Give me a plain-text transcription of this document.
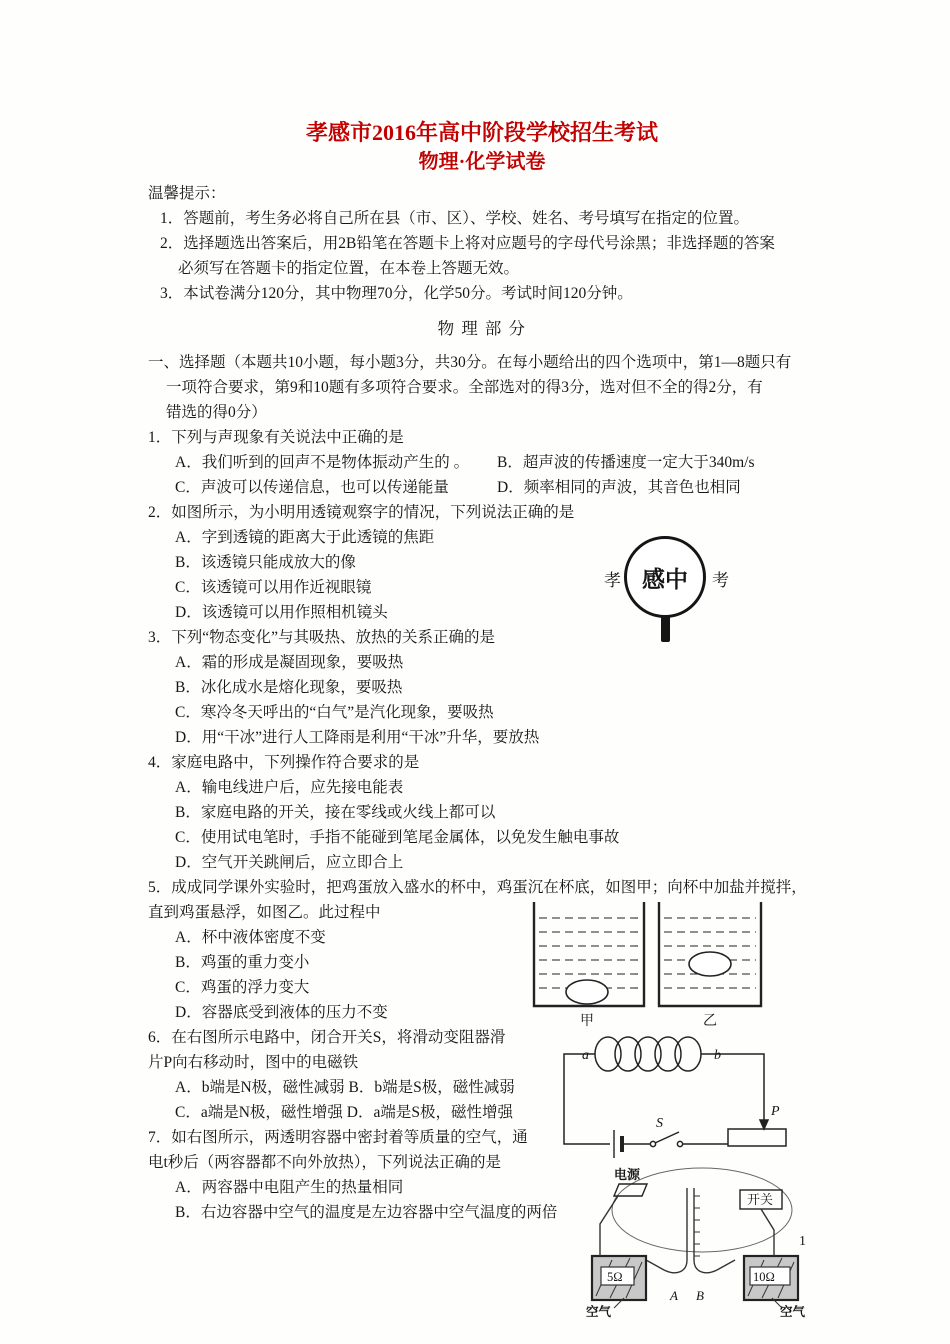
孝感市2016年高中阶段学校招生考试
物理·化学试卷
温馨提示：
1．答题前，考生务必将自己所在县（市、区）、学校、姓名、考号填写在指定的位置。
2．选择题选出答案后，用2B铅笔在答题卡上将对应题号的字母代号涂黑；非选择题的答案
必须写在答题卡的指定位置，在本卷上答题无效。
3．本试卷满分120分，其中物理70分，化学50分。考试时间120分钟。
物 理 部 分
一、选择题（本题共10小题，每小题3分，共30分。在每小题给出的四个选项中，第1—8题只有
一项符合要求，第9和10题有多项符合要求。全部选对的得3分，选对但不全的得2分，有
错选的得0分）
1．下列与声现象有关说法中正确的是
A．我们听到的回声不是物体振动产生的 。	B．超声波的传播速度一定大于340m/s
C．声波可以传递信息，也可以传递能量	D．频率相同的声波，其音色也相同
2．如图所示，为小明用透镜观察字的情况，下列说法正确的是
A．字到透镜的距离大于此透镜的焦距
B．该透镜只能成放大的像
C．该透镜可以用作近视眼镜
D．该透镜可以用作照相机镜头
3．下列“物态变化”与其吸热、放热的关系正确的是
A．霜的形成是凝固现象，要吸热
B．冰化成水是熔化现象，要吸热
C．寒冷冬天呼出的“白气”是汽化现象，要吸热
D．用“干冰”进行人工降雨是利用“干冰”升华，要放热
4．家庭电路中，下列操作符合要求的是
A．输电线进户后，应先接电能表
B．家庭电路的开关，接在零线或火线上都可以
C．使用试电笔时，手指不能碰到笔尾金属体，以免发生触电事故
D．空气开关跳闸后，应立即合上
5．成成同学课外实验时，把鸡蛋放入盛水的杯中，鸡蛋沉在杯底，如图甲；向杯中加盐并搅拌，
直到鸡蛋悬浮，如图乙。此过程中
A．杯中液体密度不变
B．鸡蛋的重力变小
C．鸡蛋的浮力变大
D．容器底受到液体的压力不变
6．在右图所示电路中，闭合开关S，将滑动变阻器滑
片P向右移动时，图中的电磁铁
A．b端是N极，磁性减弱 B．b端是S极，磁性减弱
C．a端是N极，磁性增强 D．a端是S极，磁性增强
7．如右图所示，两透明容器中密封着等质量的空气，通
电t秒后（两容器都不向外放热），下列说法正确的是
A．两容器中电阻产生的热量相同
B．右边容器中空气的温度是左边容器中空气温度的两倍
孝 感中 考
甲	乙
a	b
S
P
电源
开关
5Ω	10Ω
A B
空气	空气
1
